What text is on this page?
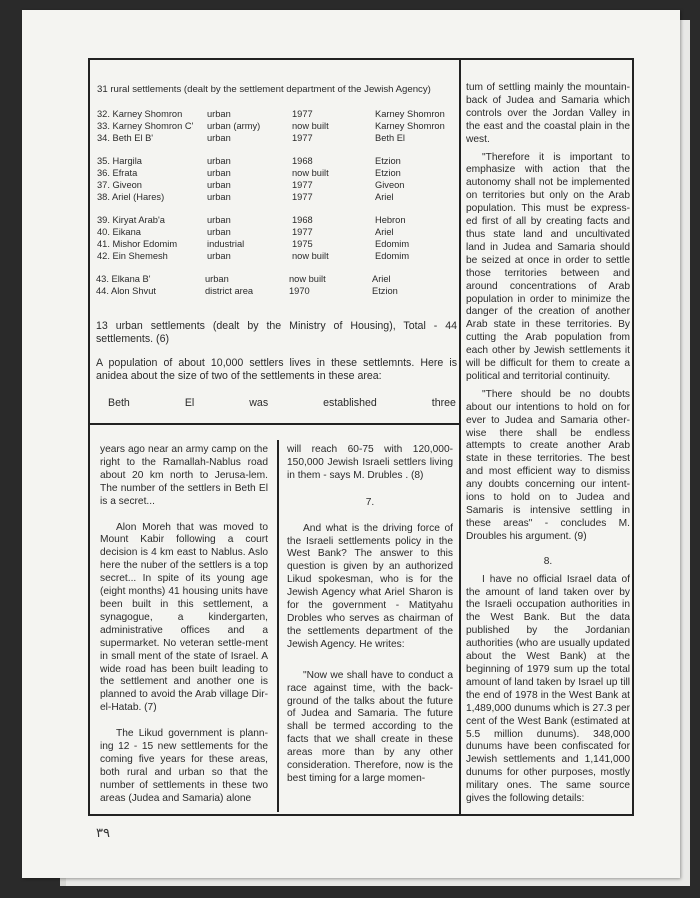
31 rural settlements (dealt by the settlement department of the Jewish Agency)
32. Karney Shomron	urban	1977	Karney Shomron
33. Karney Shomron C' urban (army)	now built	Karney Shomron
34. Beth El B'	urban	1977	Beth El
35. Hargila	urban	1968	Etzion
36. Efrata	urban	now built	Etzion
37. Giveon	urban	1977	Giveon
38. Ariel (Hares)	urban	1977	Ariel
39. Kiryat Arab'a	urban	1968	Hebron
40. Eikana	urban	1977	Ariel
41. Mishor Edomim	industrial	1975	Edomim
42. Ein Shemesh	urban	now built	Edomim
43. Elkana B'	urban	now built	Ariel
44. Alon Shvut	district area	1970	Etzion
13 urban settlements (dealt by the Ministry of Housing), Total - 44 settlements. (6)
A population of about 10,000 settlers lives in these settlemnts. Here is anidea about the size of two of the settlements in these area:
Beth	El	was	established	three

years ago near an army camp on the right to the Ramallah-Nablus road about 20 km north to Jerusa-lem. The number of the settlers in Beth El is a secret...

Alon Moreh that was moved to Mount Kabir following a court decision is 4 km east to Nablus. Aslo here the nuber of the settlers is a top secret... In spite of its young age (eight months) 41 housing units have been built in this settlement, a synagogue, a kindergarten, administrative offices and a supermarket. No veteran settle-ment in small ment of the state of Israel. A wide road has been built leading to the settlement and another one is planned to avoid the Arab village Dir-el-Hatab. (7)

The Likud government is plann-ing 12 - 15 new settlements for the coming five years for these areas, both rural and urban so that the number of settlements in these two areas (Judea and Samaria) alone

will reach 60-75 with 120,000-150,000 Jewish Israeli settlers living in them - says M. Drubles . (8)

7.

And what is the driving force of the Israeli settlements policy in the West Bank? The answer to this question is given by an authorized Likud spokesman, who is for the Jewish Agency what Ariel Sharon is for the government - Matityahu Drobles who serves as chairman of the settlements department of the Jewish Agency. He writes:

"Now we shall have to conduct a race against time, with the back-ground of the talks about the future of Judea and Samaria. The future shall be termed according to the facts that we shall create in these areas more than by any other consideration. Therefore, now is the best timing for a large momen-

tum of settling mainly the mountain-back of Judea and Samaria which controls over the Jordan Valley in the east and the coastal plain in the west.

"Therefore it is important to emphasize with action that the autonomy shall not be implemented on territories but only on the Arab population. This must be express-ed first of all by creating facts and thus state land and uncultivated land in Judea and Samaria should be seized at once in order to settle those territories between and around concentrations of Arab population in order to minimize the danger of the creation of another Arab state in these territories. By cutting the Arab population from each other by Jewish settlements it will be difficult for them to create a political and territorial continuity.

"There should be no doubts about our intentions to hold on for ever to Judea and Samaria other-wise there shall be endless attempts to create another Arab state in these territories. The best and most efficient way to dismiss any doubts concerning our intent-ions to hold on to Judea and Samaris is intensive settling in these areas" - concludes M. Droubles his argument. (9)

8.

I have no official Israel data of the amount of land taken over by the Israeli occupation authorities in the West Bank. But the data published by the Jordanian authorities (who are usually updated about the West Bank) at the beginning of 1979 sum up the total amount of land taken by Israel up till the end of 1978 in the West Bank at 1,489,000 dunums which is 27.3 per cent of the West Bank (estimated at 5.5 million dunums). 348,000 dunums have been confiscated for Jewish settlements and 1,141,000 dunums for other purposes, mostly military ones. The same source gives the following details:

٣٩
